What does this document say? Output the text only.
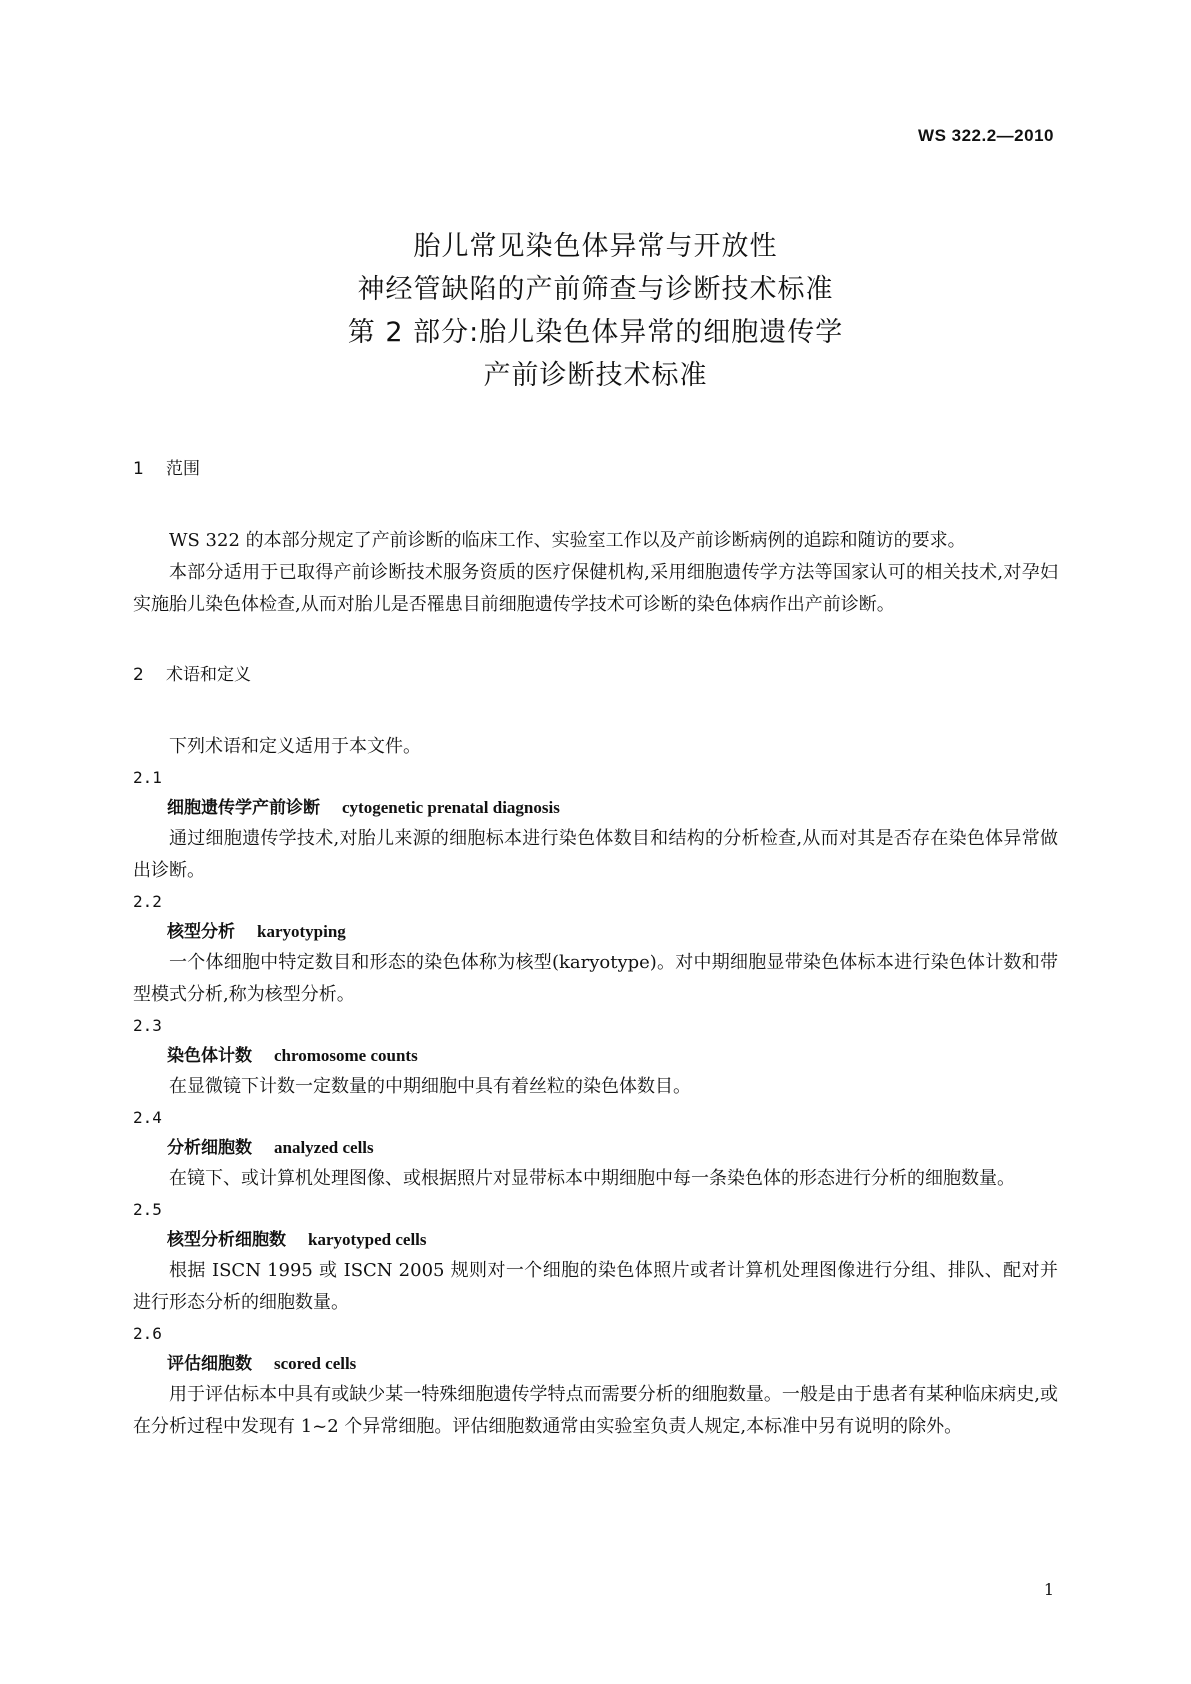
WS 322.2—2010
胎儿常见染色体异常与开放性
神经管缺陷的产前筛查与诊断技术标准
第 2 部分:胎儿染色体异常的细胞遗传学
产前诊断技术标准

1 范围

WS 322 的本部分规定了产前诊断的临床工作、实验室工作以及产前诊断病例的追踪和随访的要求。

本部分适用于已取得产前诊断技术服务资质的医疗保健机构,采用细胞遗传学方法等国家认可的相关技术,对孕妇实施胎儿染色体检查,从而对胎儿是否罹患目前细胞遗传学技术可诊断的染色体病作出产前诊断。

2 术语和定义

下列术语和定义适用于本文件。

2.1

细胞遗传学产前诊断 cytogenetic prenatal diagnosis

通过细胞遗传学技术,对胎儿来源的细胞标本进行染色体数目和结构的分析检查,从而对其是否存在染色体异常做出诊断。

2.2

核型分析 karyotyping

一个体细胞中特定数目和形态的染色体称为核型(karyotype)。对中期细胞显带染色体标本进行染色体计数和带型模式分析,称为核型分析。

2.3

染色体计数 chromosome counts

在显微镜下计数一定数量的中期细胞中具有着丝粒的染色体数目。

2.4

分析细胞数 analyzed cells

在镜下、或计算机处理图像、或根据照片对显带标本中期细胞中每一条染色体的形态进行分析的细胞数量。

2.5

核型分析细胞数 karyotyped cells

根据 ISCN 1995 或 ISCN 2005 规则对一个细胞的染色体照片或者计算机处理图像进行分组、排队、配对并进行形态分析的细胞数量。

2.6

评估细胞数 scored cells

用于评估标本中具有或缺少某一特殊细胞遗传学特点而需要分析的细胞数量。一般是由于患者有某种临床病史,或在分析过程中发现有 1~2 个异常细胞。评估细胞数通常由实验室负责人规定,本标准中另有说明的除外。

1
